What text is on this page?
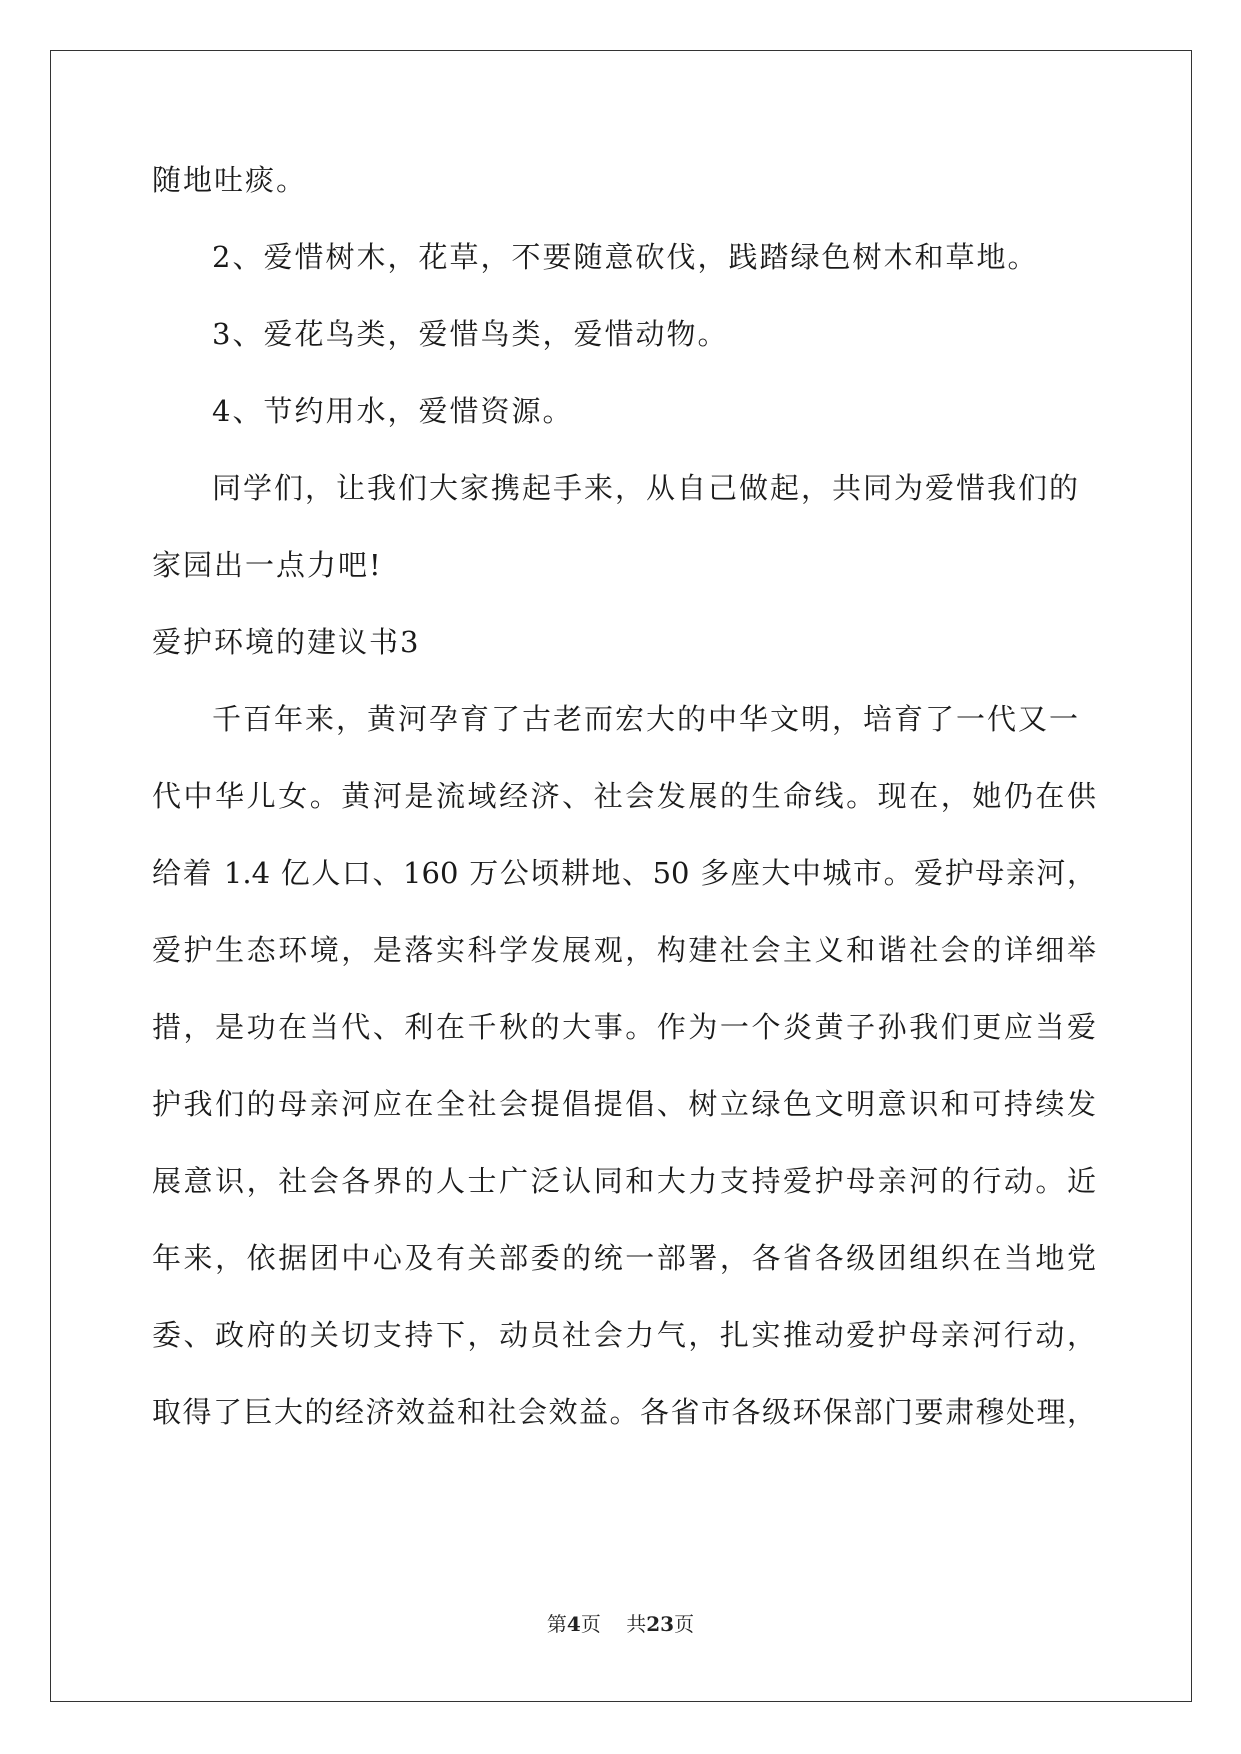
随地吐痰。
2、爱惜树木，花草，不要随意砍伐，践踏绿色树木和草地。
3、爱花鸟类，爱惜鸟类，爱惜动物。
4、节约用水，爱惜资源。
同学们，让我们大家携起手来，从自己做起，共同为爱惜我们的
家园出一点力吧!
爱护环境的建议书3
千百年来，黄河孕育了古老而宏大的中华文明，培育了一代又一
代中华儿女。黄河是流域经济、社会发展的生命线。现在，她仍在供
给着 1.4 亿人口、160 万公顷耕地、50 多座大中城市。爱护母亲河，
爱护生态环境，是落实科学发展观，构建社会主义和谐社会的详细举
措，是功在当代、利在千秋的大事。作为一个炎黄子孙我们更应当爱
护我们的母亲河应在全社会提倡提倡、树立绿色文明意识和可持续发
展意识，社会各界的人士广泛认同和大力支持爱护母亲河的行动。近
年来，依据团中心及有关部委的统一部署，各省各级团组织在当地党
委、政府的关切支持下，动员社会力气，扎实推动爱护母亲河行动，
取得了巨大的经济效益和社会效益。各省市各级环保部门要肃穆处理，
第4页 共23页
